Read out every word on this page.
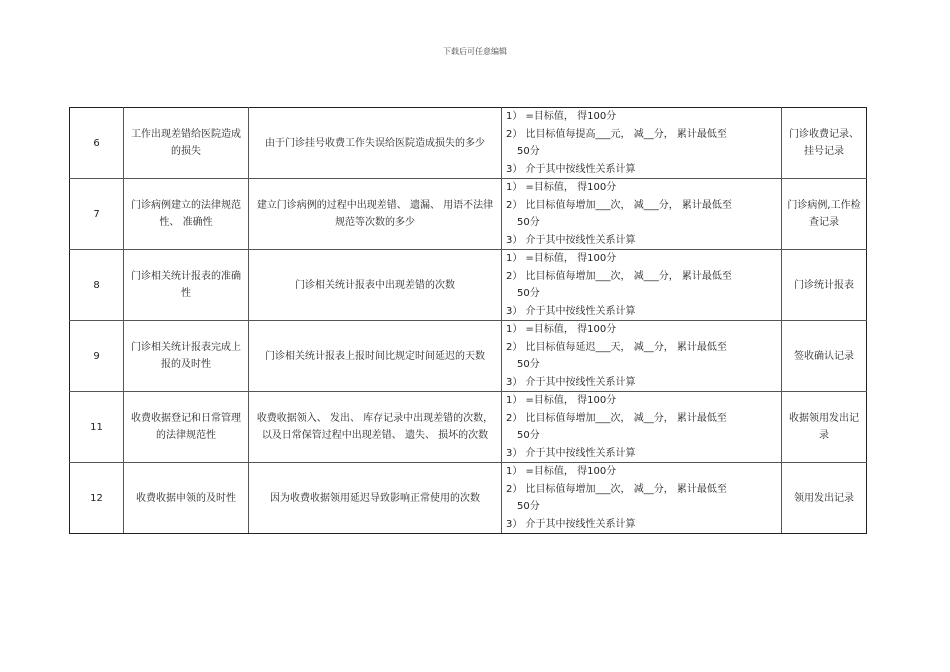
下载后可任意编辑
6	工作出现差错给医院造成的损失	由于门诊挂号收费工作失误给医院造成损失的多少	1） =目标值， 得100分
2） 比目标值每提高___元， 减__分， 累计最低至
50分
3） 介于其中按线性关系计算	门诊收费记录、 挂号记录
7	门诊病例建立的法律规范性、 准确性	建立门诊病例的过程中出现差错、 遗漏、 用语不法律规范等次数的多少	1） =目标值， 得100分
2） 比目标值每增加___次， 减___分， 累计最低至
50分
3） 介于其中按线性关系计算	门诊病例,工作检查记录
8	门诊相关统计报表的准确性	门诊相关统计报表中出现差错的次数	1） =目标值， 得100分
2） 比目标值每增加___次， 减___分， 累计最低至
50分
3） 介于其中按线性关系计算	门诊统计报表
9	门诊相关统计报表完成上报的及时性	门诊相关统计报表上报时间比规定时间延迟的天数	1） =目标值， 得100分
2） 比目标值每延迟___天， 减__分， 累计最低至
50分
3） 介于其中按线性关系计算	签收确认记录
11	收费收据登记和日常管理的法律规范性	收费收据领入、 发出、 库存记录中出现差错的次数， 以及日常保管过程中出现差错、 遗失、 损坏的次数	1） =目标值， 得100分
2） 比目标值每增加___次， 减__分， 累计最低至
50分
3） 介于其中按线性关系计算	收据领用发出记录
12	收费收据申领的及时性	因为收费收据领用延迟导致影响正常使用的次数	1） =目标值， 得100分
2） 比目标值每增加___次， 减__分， 累计最低至
50分
3） 介于其中按线性关系计算	领用发出记录
